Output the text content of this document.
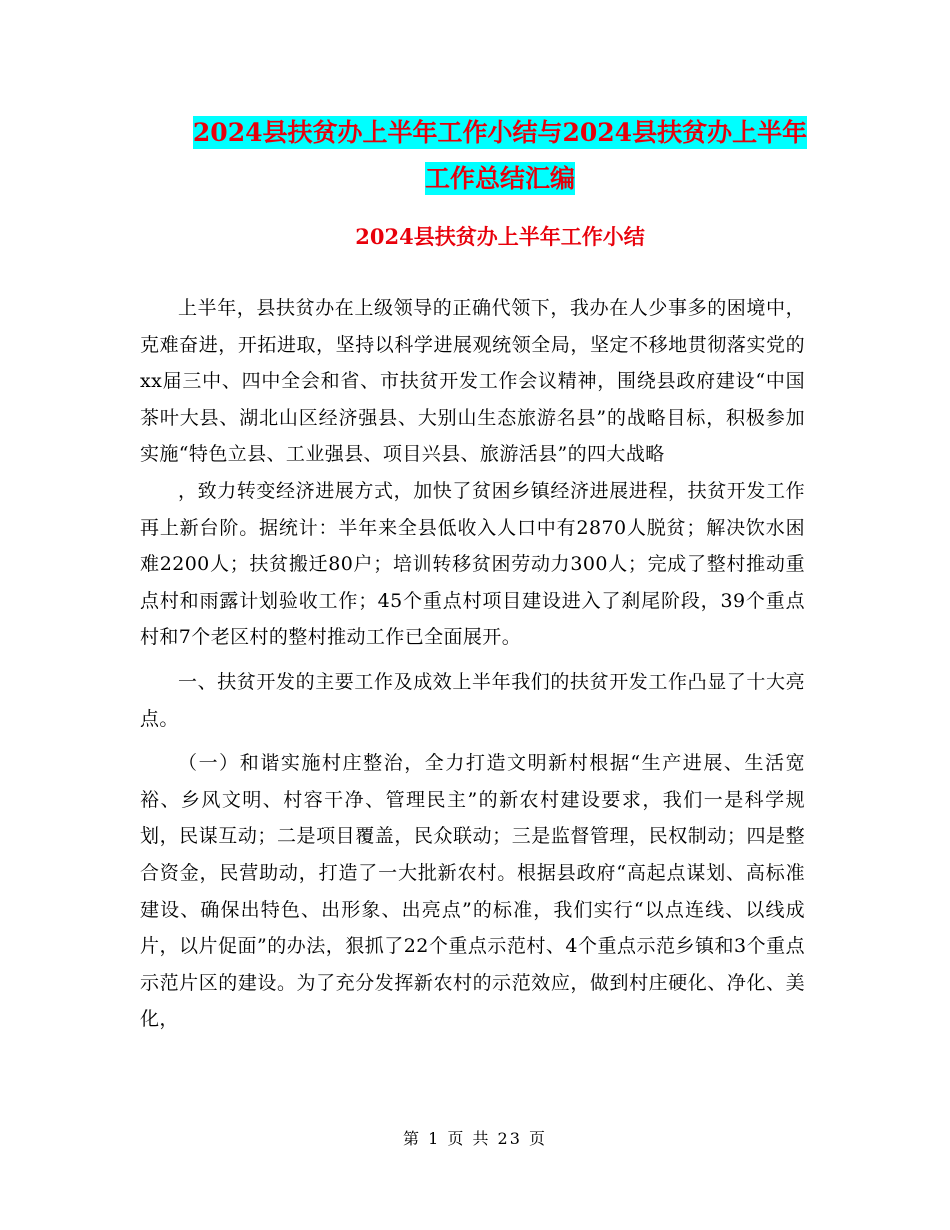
2024县扶贫办上半年工作小结与2024县扶贫办上半年
工作总结汇编
2024县扶贫办上半年工作小结

上半年，县扶贫办在上级领导的正确代领下，我办在人少事多的困境中，克难奋进，开拓进取，坚持以科学进展观统领全局，坚定不移地贯彻落实党的xx届三中、四中全会和省、市扶贫开发工作会议精神，围绕县政府建设“中国茶叶大县、湖北山区经济强县、大别山生态旅游名县”的战略目标，积极参加实施“特色立县、工业强县、项目兴县、旅游活县”的四大战略

，致力转变经济进展方式，加快了贫困乡镇经济进展进程，扶贫开发工作再上新台阶。据统计：半年来全县低收入人口中有2870人脱贫；解决饮水困难2200人；扶贫搬迁80户；培训转移贫困劳动力300人；完成了整村推动重点村和雨露计划验收工作；45个重点村项目建设进入了刹尾阶段，39个重点村和7个老区村的整村推动工作已全面展开。

一、扶贫开发的主要工作及成效上半年我们的扶贫开发工作凸显了十大亮点。

（一）和谐实施村庄整治，全力打造文明新村根据“生产进展、生活宽裕、乡风文明、村容干净、管理民主”的新农村建设要求，我们一是科学规划，民谋互动；二是项目覆盖，民众联动；三是监督管理，民权制动；四是整合资金，民营助动，打造了一大批新农村。根据县政府“高起点谋划、高标准建设、确保出特色、出形象、出亮点”的标准，我们实行“以点连线、以线成片，以片促面”的办法，狠抓了22个重点示范村、4个重点示范乡镇和3个重点示范片区的建设。为了充分发挥新农村的示范效应，做到村庄硬化、净化、美化，

第 1 页 共 23 页
